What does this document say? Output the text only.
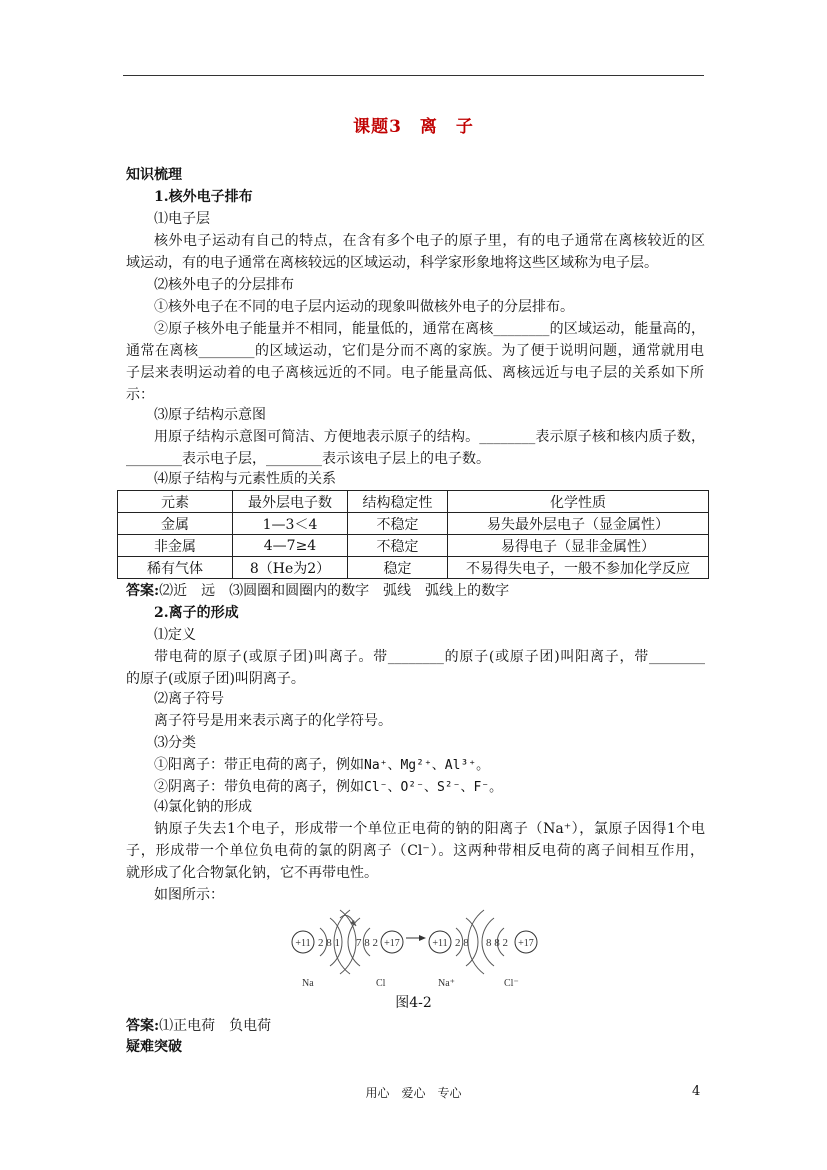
课题3　离　子
知识梳理
1.核外电子排布
⑴电子层
核外电子运动有自己的特点，在含有多个电子的原子里，有的电子通常在离核较近的区
域运动，有的电子通常在离核较远的区域运动，科学家形象地将这些区域称为电子层。
⑵核外电子的分层排布
①核外电子在不同的电子层内运动的现象叫做核外电子的分层排布。
②原子核外电子能量并不相同，能量低的，通常在离核________的区域运动，能量高的，
通常在离核________的区域运动，它们是分而不离的家族。为了便于说明问题，通常就用电
子层来表明运动着的电子离核远近的不同。电子能量高低、离核远近与电子层的关系如下所
示：
⑶原子结构示意图
用原子结构示意图可简洁、方便地表示原子的结构。________表示原子核和核内质子数，
________表示电子层，________表示该电子层上的电子数。
⑷原子结构与元素性质的关系
元素	最外层电子数	结构稳定性	化学性质
金属	1—3＜4	不稳定	易失最外层电子（显金属性）
非金属	4—7≥4	不稳定	易得电子（显非金属性）
稀有气体	8（He为2）	稳定	不易得失电子，一般不参加化学反应
答案:⑵近　远　⑶圆圈和圆圈内的数字　弧线　弧线上的数字
2.离子的形成
⑴定义
带电荷的原子(或原子团)叫离子。带________的原子(或原子团)叫阳离子，带________
的原子(或原子团)叫阴离子。
⑵离子符号
离子符号是用来表示离子的化学符号。
⑶分类
①阳离子：带正电荷的离子，例如Na⁺、Mg²⁺、Al³⁺。
②阴离子：带负电荷的离子，例如Cl⁻、O²⁻、S²⁻、F⁻。
⑷氯化钠的形成
钠原子失去1个电子，形成带一个单位正电荷的钠的阳离子（Na⁺），氯原子因得1个电
子，形成带一个单位负电荷的氯的阴离子（Cl⁻）。这两种带相反电荷的离子间相互作用，
就形成了化合物氯化钠，它不再带电性。
如图所示：
+11 2 8 1
Na
7 8 2 +17
Cl
+11 2 8
Na⁺
8 8 2 +17
Cl⁻
图4-2
答案:⑴正电荷　负电荷
疑难突破
用心　爱心　专心	4
